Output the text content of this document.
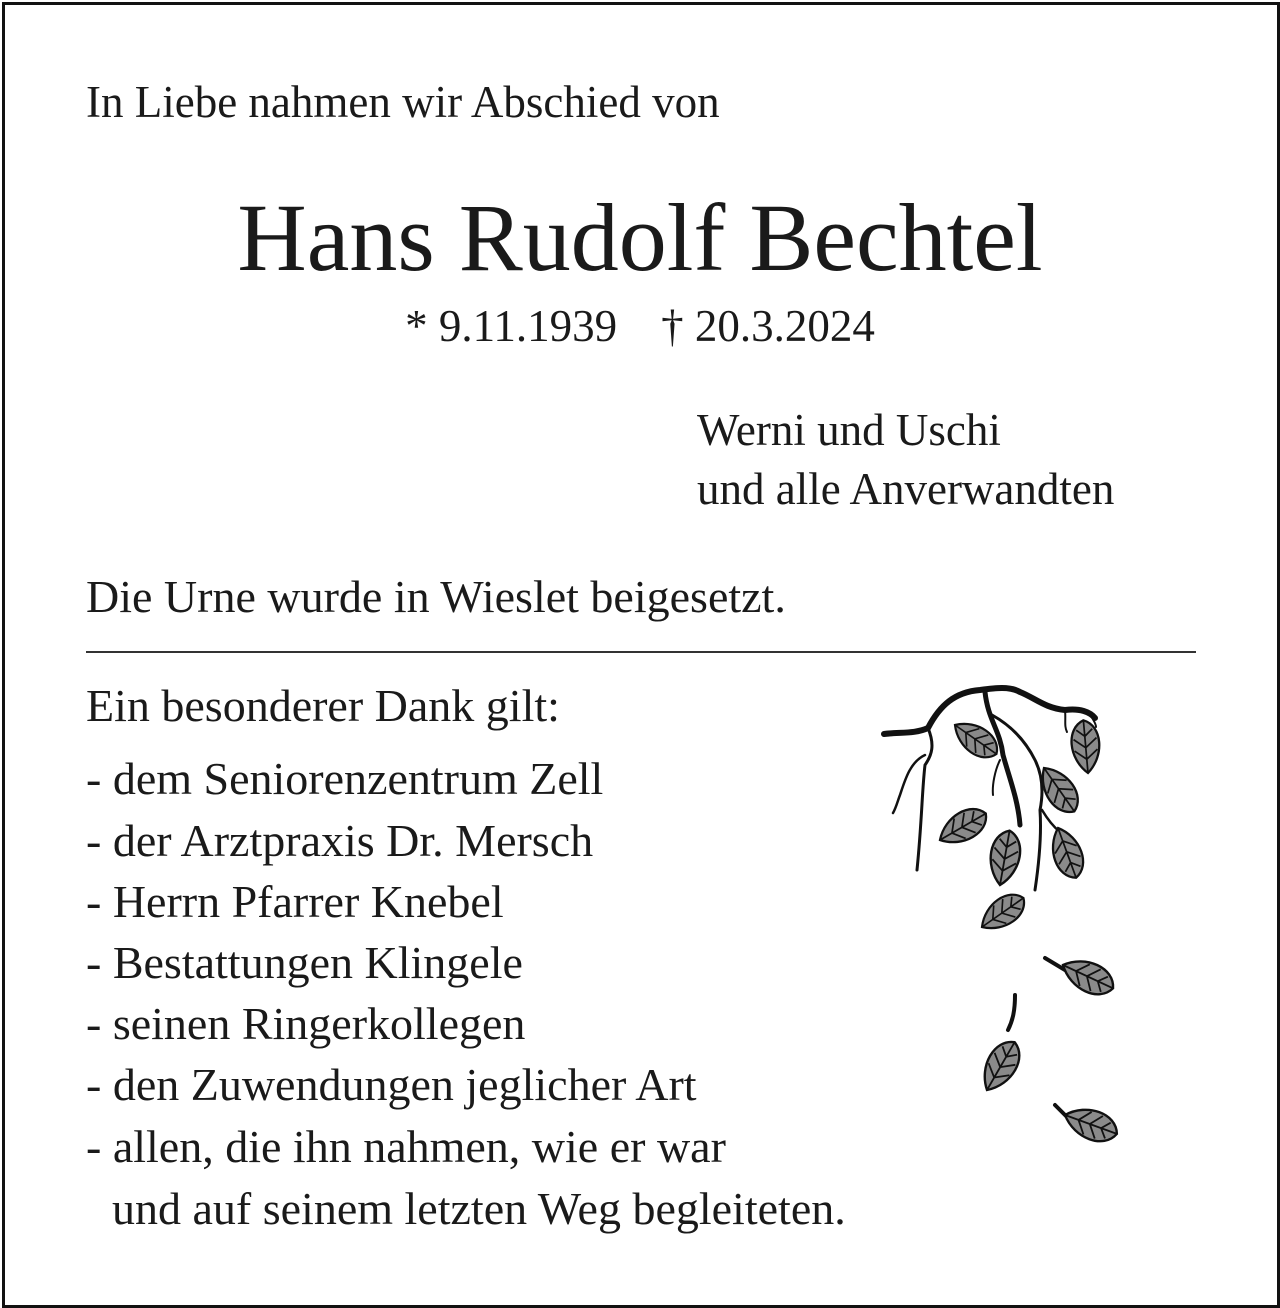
In Liebe nahmen wir Abschied von
Hans Rudolf Bechtel
* 9.11.1939 † 20.3.2024
Werni und Uschi
und alle Anverwandten
Die Urne wurde in Wieslet beigesetzt.
Ein besonderer Dank gilt:
- dem Seniorenzentrum Zell
- der Arztpraxis Dr. Mersch
- Herrn Pfarrer Knebel
- Bestattungen Klingele
- seinen Ringerkollegen
- den Zuwendungen jeglicher Art
- allen, die ihn nahmen, wie er war
und auf seinem letzten Weg begleiteten.
